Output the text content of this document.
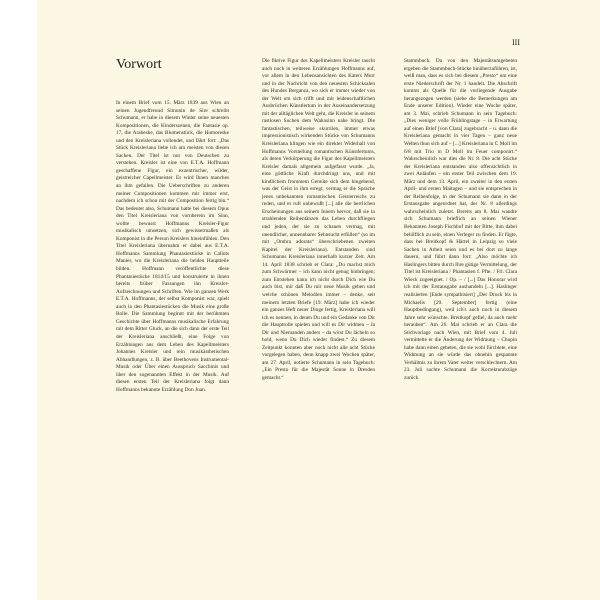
III
Vorwort

In einem Brief vom 15. März 1839 aus Wien an seinen Jugendfreund Simonin de Sire schreibt Schumann, er habe in diesem Winter seine neuesten Kompositionen, die Kinderszenen, die Fantasie op. 17, die Arabeske, das Blumenstück, die Humoreske und den Kreisleriana vollendet, und fährt fort: „Das Stück Kreisleriana liebe ich am meisten von diesen Sachen. Der Titel ist nur von Deutschen zu verstehen. Kreisler ist eine von E.T.A. Hoffmann geschaffene Figur, ein exzentrischer, wilder, geistreicher Capellmeister. Es wird Ihnen manches an ihm gefallen. Die Ueberschriften zu anderen meiner Compositionen kommen mir immer erst, nachdem ich schon mit der Composition fertig bin.“ Das bedeutet also, Schumann hatte bei diesem Opus den Titel Kreisleriana von vornherein im Sinn, wollte bewusst Hoffmanns Kreisler-Figur musikalisch umsetzen, sich gewissermaßen als Komponist in die Person Kreislers hineinfühlen. Den Titel Kreisleriana übernahm er dabei aus E.T.A. Hoffmanns Sammlung Phantasiestücke in Callots Manier, wo die Kreisleriana die beiden Hauptteile bilden. Hoffmann veröffentlichte diese Phantasiestücke 1814/15 und konstruierte in ihnen bereits früher Fassungen ihn Kreisler-Aufzeichnungen und Schriften. Wie im ganzen Werk E.T.A. Hoffmanns, der selbst Komponist war, spielt auch in den Phantasiestücken die Musik eine große Rolle. Die Sammlung beginnt mit der berühmten Geschichte über Hoffmanns musikalische Erfahrung mit dem Ritter Gluck, an die sich dann der erste Teil der Kreisleriana anschließt, eine Folge von Erzählungen aus dem Leben des Kapellmeisters Johannes Kreisler und rein musikästhetischen Abhandlungen, z. B. über Beethovens Instrumental-Musik oder Über einen Ausspruch Sacchinis und über den sogenannten Effekt in der Musik. Auf diesen ersten Teil der Kreisleriana folgt dann Hoffmanns bekannte Erzählung Don Juan.

Die fiktive Figur des Kapellmeisters Kreisler taucht auch noch in weiteren Erzählungen Hoffmanns auf, vor allem in den Lebensansichten des Katers Murr und in der Nachricht von den neuesten Schicksalen des Hundes Berganza, wo sich er immer wieder von der Welt um sich trifft und mit leidenschaftlichen Ausbrüchen Künstlertum in der Auseinandersetzung mit der alltäglichen Welt geht, die Kreisler in seinem rastlosen Suchen dem Wahnsinn nahe bringt. Die fantastischen, teilweise skurrilen, immer etwas impressionistisch wirkenden Stücke von Schumanns Kreisleriana klingen wie ein direkter Widerhall von Hoffmanns Vorstellung romantischen Künstlertums, als deren Verkörperung die Figur des Kapellmeisters Kreisler damals allgemein aufgefasst wurde. „Ja, eine göttliche Kraft durchdringt uns, und mit kindlichem frommem Gemüte sich dem hingebend, was der Geist in ihm erregt, vermag er die Sprache jenes unbekannten romantischen Geisterreichs zu reden, und er ruft unbewußt [...] alle die herrlichen Erscheinungen aus seinem Innern hervor, daß sie in strahlenden Reihentänzen das Leben durchfliegen und jeden, der sie zu schauen vermag, mit unendlicher, unnennbarer Sehnsucht erfüllen“ (so im mit „Ombra adorata“ überschriebenen zweiten Kapitel der Kreisleriana). Entstanden sind Schumanns Kreisleriana innerhalb kurzer Zeit. Am 14. April 1838 schrieb er Clara: „Du machst mich zum Schwärmer – ich kann nicht genug hinbringen; zum Entstehen kann ich nicht durch Dich wie Du auch bist, mir daß Du mir neue Musik geben und welche schönen Melodien immer – denke, seit meinem letzten Briefe [19. März] habe ich wieder ein ganzes Heft neuer Dinge fertig, Kreisleriana will ich es nennen, in denen Du und ein Gedanke von Dir die Hauptrolle spielen und will es Dir widmen – Ja Dir und Niemanden anders – da wirst Du lächeln so hold, wenn Du Dich wieder findest.“ Zu diesem Zeitpunkt konnten aber noch nicht alle acht Stücke vorgelegen haben, denn knapp zwei Wochen später, am 27. April, notierte Schumann in sein Tagebuch: „Ein Presto für die Majestät Sonne in Dresden gemacht.“

Stammbuch. Da von den Majestätsumgebeten ergeben die Stammbuch-Stücke hinüberzuführen, ist, weiß man, dass es sich bei diesem „Presto“ um eine erste Niederschrift der Nr. 1 handelt. Die Abschrift kommt als Quelle für die vorliegende Ausgabe herangezogen werden (siehe die Bemerkungen am Ende unserer Edition). Wieder eine Woche später, am 3. Mai, schrieb Schumann in sein Tagebuch: „Dies weniger volle Frühlingstage – in Erwartung auf einen Brief [von Clara] zugebracht – u. dann die Kreisleriana gemacht in vier Tagen – ganz neue Welten thun sich auf – [...] Kreisleriana in C Moll im 6/8 mit Trio in D Moll im Feuer componirt.“ Wahrscheinlich war dies die Nr. 8. Die acht Stücke der Kreisleriana entstanden also offensichtlich in zwei Anläufen – ein erster Teil zwischen dem 19. März und dem 13. April, ein zweiter in den ersten April- und ersten Maitagen – und sie entsprechen in der Reihenfolge, in der Schumann sie dann in der Erstausgabe angeordnet hat, der Nr. 8 allerdings wahrscheinlich zuletzt. Bereits am 8. Mai wandte sich Schumann brieflich an seinen Wiener Bekannten Joseph Fischhof mit der Bitte, ihm dabei behilflich zu sein, einen Verleger zu finden. Er fügte, dass bei Breitkopf & Härtel in Leipzig so viele Sachen in Arbeit seien und es bei dort zu lange dauern, und führt dann fort: „Also möchte ich Haslingers bitten durch Ihre gütige Vermittelung, der Titel ist Kreisleriana / Phantasien f. Pfte. / Frl. Clara Wieck zugeeignet. / Op. – / [...] Das Honorar wird ich mit der Erstausgabe aushandeln [...]. Haslinger realisierten [Ende sympathisiert] „Der Druck bis in Michaelis [29. September] fertig (eine Hauptbedingung), weil ich's auch noch in diesem Jahre sehr wünschte. Breitkopf gefiel, da auch mehr herauben“. Am 26. Mai schrieb er an Clara die Stichvorlage nach Wien, mit Brief vom 4. Juli vermittelte er die Änderung der Widmung – Chopin habe dann einen gebeten, die sie wohl fürchtete, eine Widmung an sie würde das ohnehin gespannte Verhältnis zu ihrem Vater weiter verschlechtern. Am 23. Juli suchte Schumann die Korrekturabzüge zurück
